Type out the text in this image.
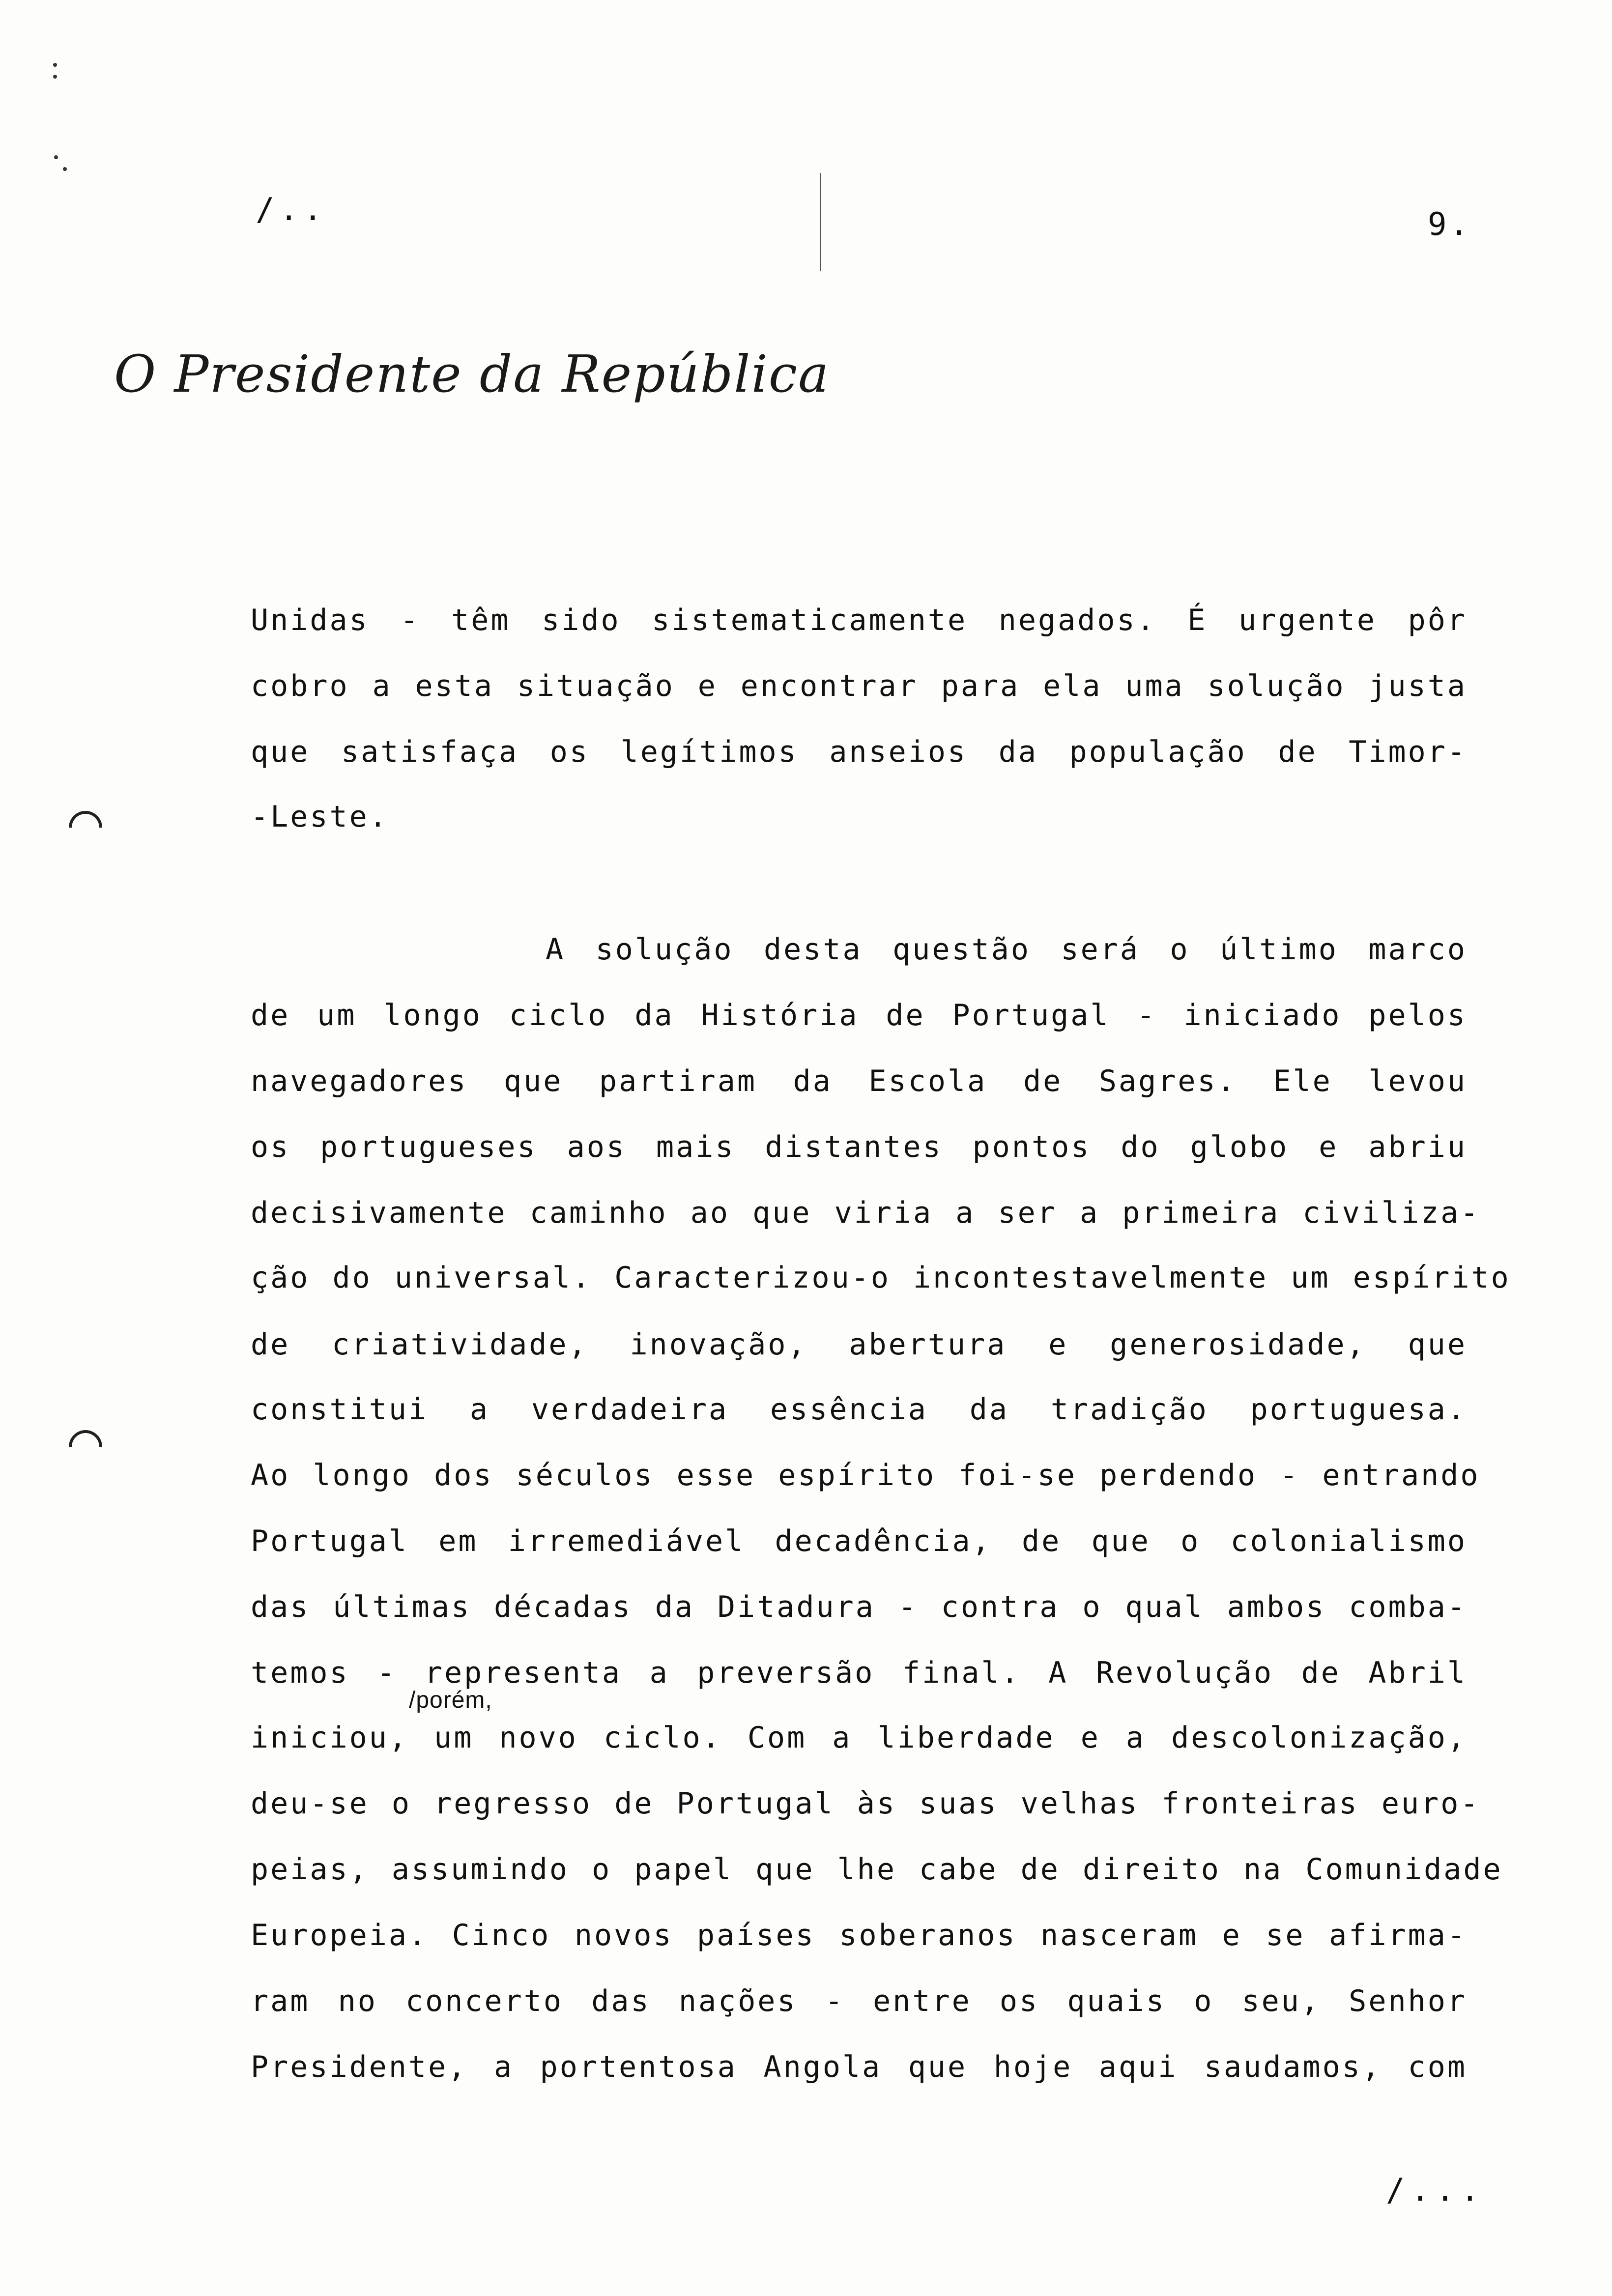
/..	9.
O Presidente da República
Unidas - têm sido sistematicamente negados. É urgente pôr
cobro a esta situação e encontrar para ela uma solução justa
que satisfaça os legítimos anseios da população de Timor-
-Leste.
A solução desta questão será o último marco
de um longo ciclo da História de Portugal - iniciado pelos
navegadores que partiram da Escola de Sagres. Ele levou
os portugueses aos mais distantes pontos do globo e abriu
decisivamente caminho ao que viria a ser a primeira civiliza-
ção do universal. Caracterizou-o incontestavelmente um espírito
de criatividade, inovação, abertura e generosidade, que
constitui a verdadeira essência da tradição portuguesa.
Ao longo dos séculos esse espírito foi-se perdendo - entrando
Portugal em irremediável decadência, de que o colonialismo
das últimas décadas da Ditadura - contra o qual ambos comba-
temos - representa a preversão final. A Revolução de Abril
/porém,
iniciou, um novo ciclo. Com a liberdade e a descolonização,
deu-se o regresso de Portugal às suas velhas fronteiras euro-
peias, assumindo o papel que lhe cabe de direito na Comunidade
Europeia. Cinco novos países soberanos nasceram e se afirma-
ram no concerto das nações - entre os quais o seu, Senhor
Presidente, a portentosa Angola que hoje aqui saudamos, com
/...
